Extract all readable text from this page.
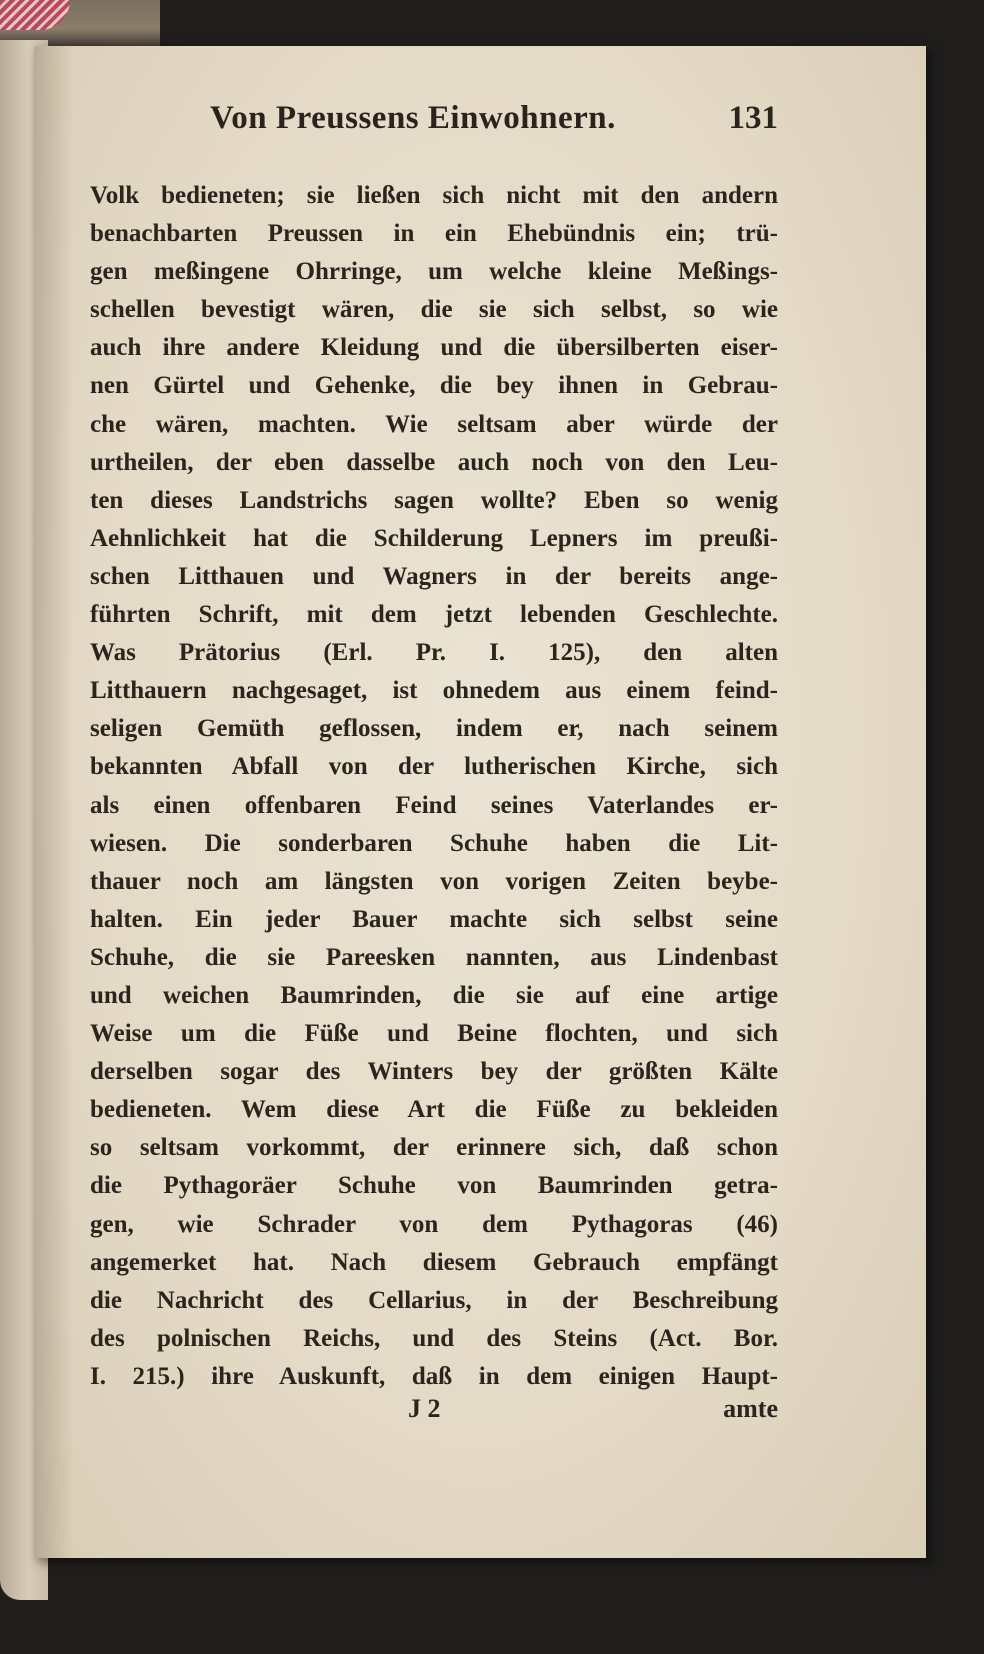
Von Preussens Einwohnern.	131
Volk bedieneten; sie ließen sich nicht mit den andern
benachbarten Preussen in ein Ehebündnis ein; trü-
gen meßingene Ohrringe, um welche kleine Meßings-
schellen bevestigt wären, die sie sich selbst, so wie
auch ihre andere Kleidung und die übersilberten eiser-
nen Gürtel und Gehenke, die bey ihnen in Gebrau-
che wären, machten. Wie seltsam aber würde der
urtheilen, der eben dasselbe auch noch von den Leu-
ten dieses Landstrichs sagen wollte? Eben so wenig
Aehnlichkeit hat die Schilderung Lepners im preußi-
schen Litthauen und Wagners in der bereits ange-
führten Schrift, mit dem jetzt lebenden Geschlechte.
Was Prätorius (Erl. Pr. I. 125), den alten
Litthauern nachgesaget, ist ohnedem aus einem feind-
seligen Gemüth geflossen, indem er, nach seinem
bekannten Abfall von der lutherischen Kirche, sich
als einen offenbaren Feind seines Vaterlandes er-
wiesen. Die sonderbaren Schuhe haben die Lit-
thauer noch am längsten von vorigen Zeiten beybe-
halten. Ein jeder Bauer machte sich selbst seine
Schuhe, die sie Pareesken nannten, aus Lindenbast
und weichen Baumrinden, die sie auf eine artige
Weise um die Füße und Beine flochten, und sich
derselben sogar des Winters bey der größten Kälte
bedieneten. Wem diese Art die Füße zu bekleiden
so seltsam vorkommt, der erinnere sich, daß schon
die Pythagoräer Schuhe von Baumrinden getra-
gen, wie Schrader von dem Pythagoras (46)
angemerket hat. Nach diesem Gebrauch empfängt
die Nachricht des Cellarius, in der Beschreibung
des polnischen Reichs, und des Steins (Act. Bor.
I. 215.) ihre Auskunft, daß in dem einigen Haupt-
J 2	amte
